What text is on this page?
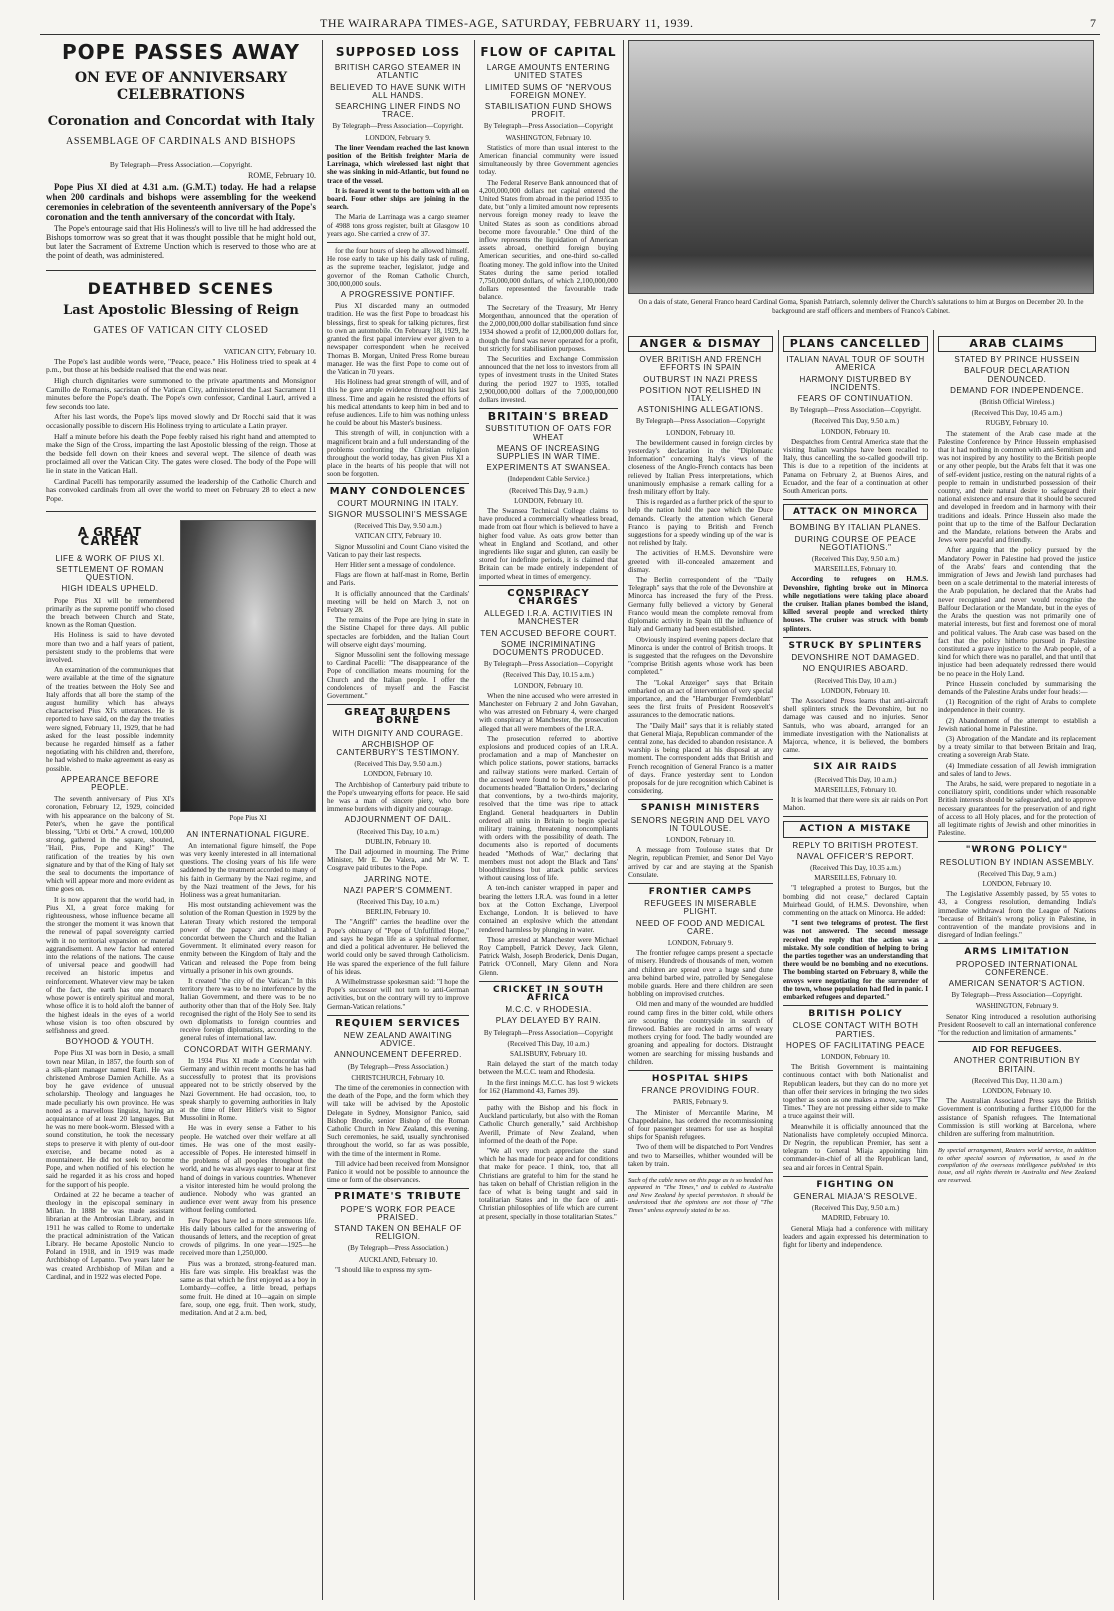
THE WAIRARAPA TIMES-AGE, SATURDAY, FEBRUARY 11, 1939.	7
POPE PASSES AWAY
ON EVE OF ANNIVERSARY CELEBRATIONS
Coronation and Concordat with Italy
ASSEMBLAGE OF CARDINALS AND BISHOPS
By Telegraph—Press Association.—Copyright.
ROME, February 10.

Pope Pius XI died at 4.31 a.m. (G.M.T.) today. He had a relapse when 200 cardinals and bishops were assembling for the weekend ceremonies in celebration of the seventeenth anniversary of the Pope's coronation and the tenth anniversary of the concordat with Italy.

The Pope's entourage said that His Holiness's will to live till he had addressed the Bishops tomorrow was so great that it was thought possible that he might hold out, but later the Sacrament of Extreme Unction which is reserved to those who are at the point of death, was administered.

DEATHBED SCENES
Last Apostolic Blessing of Reign
GATES OF VATICAN CITY CLOSED
VATICAN CITY, February 10.

The Pope's last audible words were, "Peace, peace." His Holiness tried to speak at 4 p.m., but those at his bedside realised that the end was near.

High church dignitaries were summoned to the private apartments and Monsignor Camillo de Romanis, sacristan of the Vatican City, administered the Last Sacrament 11 minutes before the Pope's death. The Pope's own confessor, Cardinal Laurl, arrived a few seconds too late.

After his last words, the Pope's lips moved slowly and Dr Rocchi said that it was occasionally possible to discern His Holiness trying to articulate a Latin prayer.

Half a minute before his death the Pope feebly raised his right hand and attempted to make the Sign of the Cross, imparting the last Apostolic blessing of the reign. Those at the bedside fell down on their knees and several wept. The silence of death was proclaimed all over the Vatican City. The gates were closed. The body of the Pope will lie in state in the Vatican Hall.

Cardinal Pacelli has temporarily assumed the leadership of the Catholic Church and has convoked cardinals from all over the world to meet on February 28 to elect a new Pope.

A GREAT CAREER
LIFE & WORK OF PIUS XI.
SETTLEMENT OF ROMAN QUESTION.
HIGH IDEALS UPHELD.

Pope Pius XI will be remembered primarily as the supreme pontiff who closed the breach between Church and State, known as the Roman Question.

His Holiness is said to have devoted more than two and a half years of patient, persistent study to the problems that were involved.

An examination of the communiques that were available at the time of the signature of the treaties between the Holy See and Italy affords that all bore the stamp of the august humility which has always characterised Pius XI's utterances. He is reported to have said, on the day the treaties were signed, February 11, 1929, that he had asked for the least possible indemnity because he regarded himself as a father negotiating with his children and, therefore, he had wished to make agreement as easy as possible.

APPEARANCE BEFORE PEOPLE.

The seventh anniversary of Pius XI's coronation, February 12, 1929, coincided with his appearance on the balcony of St. Peter's, when he gave the pontifical blessing, "Urbi et Orbi." A crowd, 100,000 strong, gathered in the square, shouted, "Hail, Pius, Pope and King!" The ratification of the treaties by his own signature and by that of the King of Italy set the seal to documents the importance of which will appear more and more evident as time goes on.

It is now apparent that the world had, in Pius XI, a great force making for righteousness, whose influence became all the stronger the moment it was known that the renewal of papal sovereignty carried with it no territorial expansion or material aggrandisement. A new factor had entered into the relations of the nations. The cause of universal peace and goodwill had received an historic impetus and reinforcement. Whatever view may be taken of the fact, the earth has one monarch whose power is entirely spiritual and moral, whose office it is to hold aloft the banner of the highest ideals in the eyes of a world whose vision is too often obscured by selfishness and greed.

BOYHOOD & YOUTH.

Pope Pius XI was born in Desio, a small town near Milan, in 1857, the fourth son of a silk-plant manager named Ratti. He was christened Ambrose Damien Achille. As a boy he gave evidence of unusual scholarship. Theology and languages he made peculiarly his own province. He was noted as a marvellous linguist, having an acquaintance of at least 20 languages. But he was no mere book-worm. Blessed with a sound constitution, he took the necessary steps to preserve it with plenty of out-door exercise, and became noted as a mountaineer. He did not seek to become Pope, and when notified of his election he said he regarded it as his cross and hoped for the support of his people.

Ordained at 22 he became a teacher of theology in the episcopal seminary in Milan. In 1888 he was made assistant librarian at the Ambrosian Library, and in 1911 he was called to Rome to undertake the practical administration of the Vatican Library. He became Apostolic Nuncio to Poland in 1918, and in 1919 was made Archbishop of Lepanto. Two years later he was created Archbishop of Milan and a Cardinal, and in 1922 was elected Pope.

Pope Pius XI
AN INTERNATIONAL FIGURE.

An international figure himself, the Pope was very keenly interested in all international questions. The closing years of his life were saddened by the treatment accorded to many of his faith in Germany by the Nazi regime, and by the Nazi treatment of the Jews, for his Holiness was a great humanitarian.

His most outstanding achievement was the solution of the Roman Question in 1929 by the Lateran Treaty which restored the temporal power of the papacy and established a concordat between the Church and the Italian Government. It eliminated every reason for enmity between the Kingdom of Italy and the Vatican and released the Pope from being virtually a prisoner in his own grounds.

It created "the city of the Vatican." In this territory there was to be no interference by the Italian Government, and there was to be no authority other than that of the Holy See. Italy recognised the right of the Holy See to send its own diplomatists to foreign countries and receive foreign diplomatists, according to the general rules of international law.

CONCORDAT WITH GERMANY.

In 1934 Pius XI made a Concordat with Germany and within recent months he has had successfully to protest that its provisions appeared not to be strictly observed by the Nazi Government. He had occasion, too, to speak sharply to governing authorities in Italy at the time of Herr Hitler's visit to Signor Mussolini in Rome.

He was in every sense a Father to his people. He watched over their welfare at all times. He was one of the most easily-accessible of Popes. He interested himself in the problems of all peoples throughout the world, and he was always eager to hear at first hand of doings in various countries. Whenever a visitor interested him he would prolong the audience. Nobody who was granted an audience ever went away from his presence without feeling comforted.

Few Popes have led a more strenuous life. His daily labours called for the answering of thousands of letters, and the reception of great crowds of pilgrims. In one year—1925—he received more than 1,250,000.

Pius was a bronzed, strong-featured man. His fare was simple. His breakfast was the same as that which he first enjoyed as a boy in Lombardy—coffee, a little bread, perhaps some fruit. He dined at 10—again on simple fare, soup, one egg, fruit. Then work, study, meditation. And at 2 a.m. bed,

SUPPOSED LOSS
BRITISH CARGO STEAMER IN ATLANTIC
BELIEVED TO HAVE SUNK WITH ALL HANDS.
SEARCHING LINER FINDS NO TRACE.
By Telegraph—Press Association—Copyright.
LONDON, February 9.

The liner Veendam reached the last known position of the British freighter Maria de Larrinaga, which wirelessed last night that she was sinking in mid-Atlantic, but found no trace of the vessel.

It is feared it went to the bottom with all on board. Four other ships are joining in the search.

The Maria de Larrinaga was a cargo steamer of 4988 tons gross register, built at Glasgow 10 years ago. She carried a crew of 37.

for the four hours of sleep he allowed himself. He rose early to take up his daily task of ruling, as the supreme teacher, legislator, judge and governor of the Roman Catholic Church, 300,000,000 souls.

A PROGRESSIVE PONTIFF.

Pius XI discarded many an outmoded tradition. He was the first Pope to broadcast his blessings, first to speak for talking pictures, first to own an automobile. On February 18, 1929, he granted the first papal interview ever given to a newspaper correspondent when he received Thomas B. Morgan, United Press Rome bureau manager. He was the first Pope to come out of the Vatican in 70 years.

His Holiness had great strength of will, and of this he gave ample evidence throughout his last illness. Time and again he resisted the efforts of his medical attendants to keep him in bed and to refuse audiences. Life to him was nothing unless he could be about his Master's business.

This strength of will, in conjunction with a magnificent brain and a full understanding of the problems confronting the Christian religion throughout the world today, has given Pius XI a place in the hearts of his people that will not soon be forgotten.

MANY CONDOLENCES
COURT MOURNING IN ITALY.
SIGNOR MUSSOLINI'S MESSAGE
(Received This Day, 9.50 a.m.)
VATICAN CITY, February 10.

Signor Mussolini and Count Ciano visited the Vatican to pay their last respects.

Herr Hitler sent a message of condolence.

Flags are flown at half-mast in Rome, Berlin and Paris.

It is officially announced that the Cardinals' meeting will be held on March 3, not on February 28.

The remains of the Pope are lying in state in the Sistine Chapel for three days. All public spectacles are forbidden, and the Italian Court will observe eight days' mourning.

Signor Mussolini sent the following message to Cardinal Pacelli: "The disappearance of the Pope of conciliation means mourning for the Church and the Italian people. I offer the condolences of myself and the Fascist Government."

GREAT BURDENS BORNE
WITH DIGNITY AND COURAGE.
ARCHBISHOP OF CANTERBURY'S TESTIMONY.
(Received This Day, 9.50 a.m.)
LONDON, February 10.

The Archbishop of Canterbury paid tribute to the Pope's unwearying efforts for peace. He said he was a man of sincere piety, who bore immense burdens with dignity and courage.

ADJOURNMENT OF DAIL.
(Received This Day, 10 a.m.)
DUBLIN, February 10.

The Dail adjourned in mourning. The Prime Minister, Mr E. De Valera, and Mr W. T. Cosgrave paid tributes to the Pope.

JARRING NOTE.
NAZI PAPER'S COMMENT.
(Received This Day, 10 a.m.)
BERLIN, February 10.

The "Angriff" carries the headline over the Pope's obituary of "Pope of Unfulfilled Hope," and says he began life as a spiritual reformer, and died a political adventurer. He believed the world could only be saved through Catholicism. He was spared the experience of the full failure of his ideas.

A Wilhelmstrasse spokesman said: "I hope the Pope's successor will not turn to anti-German activities, but on the contrary will try to improve German-Vatican relations."

REQUIEM SERVICES
NEW ZEALAND AWAITING ADVICE.
ANNOUNCEMENT DEFERRED.
(By Telegraph—Press Association.)
CHRISTCHURCH, February 10.

The time of the ceremonies in connection with the death of the Pope, and the form which they will take will be advised by the Apostolic Delegate in Sydney, Monsignor Panico, said Bishop Brodie, senior Bishop of the Roman Catholic Church in New Zealand, this evening. Such ceremonies, he said, usually synchronised throughout the world, so far as was possible, with the time of the interment in Rome.

Till advice had been received from Monsignor Panico it would not be possible to announce the time or form of the observances.

PRIMATE'S TRIBUTE
POPE'S WORK FOR PEACE PRAISED.
STAND TAKEN ON BEHALF OF RELIGION.
(By Telegraph—Press Association.)
AUCKLAND, February 10.

"I should like to express my sym-

FLOW OF CAPITAL
LARGE AMOUNTS ENTERING UNITED STATES
LIMITED SUMS OF "NERVOUS FOREIGN MONEY.
STABILISATION FUND SHOWS PROFIT.
By Telegraph—Press Association—Copyright
WASHINGTON, February 10.

Statistics of more than usual interest to the American financial community were issued simultaneously by three Government agencies today.

The Federal Reserve Bank announced that of 4,200,000,000 dollars net capital entered the United States from abroad in the period 1935 to date, but "only a limited amount now represents nervous foreign money ready to leave the United States as soon as conditions abroad become more favourable." One third of the inflow represents the liquidation of American assets abroad, onethird foreign buying American securities, and one-third so-called floating money. The gold inflow into the United States during the same period totalled 7,750,000,000 dollars, of which 2,100,000,000 dollars represented the favourable trade balance.

The Secretary of the Treasury, Mr Henry Morgenthau, announced that the operation of the 2,000,000,000 dollar stabilisation fund since 1934 showed a profit of 12,000,000 dollars for, though the fund was never operated for a profit, but strictly for stabilisation purposes.

The Securities and Exchange Commission announced that the net loss to investors from all types of investment trusts in the United States during the period 1927 to 1935, totalled 2,900,000,000 dollars of the 7,000,000,000 dollars invested.

BRITAIN'S BREAD
SUBSTITUTION OF OATS FOR WHEAT
MEANS OF INCREASING SUPPLIES IN WAR TIME.
EXPERIMENTS AT SWANSEA.
(Independent Cable Service.)
(Received This Day, 9 a.m.)
LONDON, February 10.

The Swansea Technical College claims to have produced a commercially wheatless bread, made from oat flour which is believed to have a higher food value. As oats grow better than wheat in England and Scotland, and other ingredients like sugar and gluten, can easily be stored for indefinite periods, it is claimed that Britain can be made entirely independent of imported wheat in times of emergency.

CONSPIRACY CHARGES
ALLEGED I.R.A. ACTIVITIES IN MANCHESTER
TEN ACCUSED BEFORE COURT.
SOME INCRIMINATING DOCUMENTS PRODUCED.
By Telegraph—Press Association—Copyright
(Received This Day, 10.15 a.m.)
LONDON, February 10.

When the nine accused who were arrested in Manchester on February 2 and John Gavahan, who was arrested on February 4, were charged with conspiracy at Manchester, the prosecution alleged that all were members of the I.R.A.

The prosecution referred to abortive explosions and produced copies of an I.R.A. proclamation and a map of Manchester on which police stations, power stations, barracks and railway stations were marked. Certain of the accused were found to be in possession of documents headed "Battalion Orders," declaring that conventions, by a two-thirds majority, resolved that the time was ripe to attack England. General headquarters in Dublin ordered all units in Britain to begin special military training, threatening noncompliants with orders with the possibility of death. The documents also is reported of documents headed "Methods of War," declaring that members must not adopt the Black and Tans' bloodthirstiness but attack public services without causing loss of life.

A ten-inch canister wrapped in paper and bearing the letters I.R.A. was found in a letter box at the Cotton Exchange, Liverpool Exchange, London. It is believed to have contained an explosive which the attendant rendered harmless by plunging in water.

Those arrested at Manchester were Michael Roy Campbell, Patrick Devey, Jack Glenn, Patrick Walsh, Joseph Broderick, Denis Dugan, Patrick O'Connell, Mary Glenn and Nora Glenn.

CRICKET IN SOUTH AFRICA
M.C.C. v RHODESIA.
PLAY DELAYED BY RAIN.
By Telegraph—Press Association—Copyright
(Received This Day, 10 a.m.)
SALISBURY, February 10.

Rain delayed the start of the match today between the M.C.C. team and Rhodesia.

In the first innings M.C.C. has lost 9 wickets for 162 (Hammond 43, Farnes 39).

pathy with the Bishop and his flock in Auckland particularly, but also with the Roman Catholic Church generally," said Archbishop Averill, Primate of New Zealand, when informed of the death of the Pope.

"We all very much appreciate the stand which he has made for peace and for conditions that make for peace. I think, too, that all Christians are grateful to him for the stand he has taken on behalf of Christian religion in the face of what is being taught and said in totalitarian States and in the face of anti-Christian philosophies of life which are current at present, specially in those totalitarian States."

On a dais of state, General Franco heard Cardinal Goma, Spanish Patriarch, solemnly deliver the Church's salutations to him at Burgos on December 20. In the background are staff officers and members of Franco's Cabinet.
ANGER & DISMAY
OVER BRITISH AND FRENCH EFFORTS IN SPAIN
OUTBURST IN NAZI PRESS
POSITION NOT RELISHED IN ITALY.
ASTONISHING ALLEGATIONS.
By Telegraph—Press Association—Copyright
LONDON, February 10.

The bewilderment caused in foreign circles by yesterday's declaration in the "Diplomatic Information" concerning Italy's views of the closeness of the Anglo-French contacts has been relieved by Italian Press interpretations, which unanimously emphasise a remark calling for a fresh military effort by Italy.

This is regarded as a further prick of the spur to help the nation hold the pace which the Duce demands. Clearly the attention which General Franco is paying to British and French suggestions for a speedy winding up of the war is not relished by Italy.

The activities of H.M.S. Devonshire were greeted with ill-concealed amazement and dismay.

The Berlin correspondent of the "Daily Telegraph" says that the role of the Devonshire at Minorca has increased the fury of the Press. Germany fully believed a victory by General Franco would mean the complete removal from diplomatic activity in Spain till the influence of Italy and Germany had been established.

Obviously inspired evening papers declare that Minorca is under the control of British troops. It is suggested that the refugees on the Devonshire "comprise British agents whose work has been completed."

The "Lokal Anzeiger" says that Britain embarked on an act of intervention of very special importance, and the "Hamburger Fremdenblatt" sees the first fruits of President Roosevelt's assurances to the democratic nations.

The "Daily Mail" says that it is reliably stated that General Miaja, Republican commander of the central zone, has decided to abandon resistance. A warship is being placed at his disposal at any moment. The correspondent adds that British and French recognition of General Franco is a matter of days. France yesterday sent to London proposals for de jure recognition which Cabinet is considering.

SPANISH MINISTERS
SENORS NEGRIN AND DEL VAYO IN TOULOUSE.
LONDON, February 10.

A message from Toulouse states that Dr Negrin, republican Premier, and Senor Del Vayo arrived by car and are staying at the Spanish Consulate.

FRONTIER CAMPS
REFUGEES IN MISERABLE PLIGHT.
NEED OF FOOD AND MEDICAL CARE.
LONDON, February 9.

The frontier refugee camps present a spectacle of misery. Hundreds of thousands of men, women and children are spread over a huge sand dune area behind barbed wire, patrolled by Senegalese mobile guards. Here and there children are seen hobbling on improvised crutches.

Old men and many of the wounded are huddled round camp fires in the bitter cold, while others are scouring the countryside in search of firewood. Babies are rocked in arms of weary mothers crying for food. The badly wounded are groaning and appealing for doctors. Distraught women are searching for missing husbands and children.

HOSPITAL SHIPS
FRANCE PROVIDING FOUR.
PARIS, February 9.

The Minister of Mercantile Marine, M Chappedelaine, has ordered the recommissioning of four passenger steamers for use as hospital ships for Spanish refugees.

Two of them will be dispatched to Port Vendres and two to Marseilles, whither wounded will be taken by train.

Such of the cable news on this page as is so headed has appeared in "The Times," and is cabled to Australia and New Zealand by special permission. It should be understood that the opinions are not those of "The Times" unless expressly stated to be so.
PLANS CANCELLED
ITALIAN NAVAL TOUR OF SOUTH AMERICA
HARMONY DISTURBED BY INCIDENTS.
FEARS OF CONTINUATION.
By Telegraph—Press Association—Copyright.
(Received This Day, 9.50 a.m.)
LONDON, February 10.

Despatches from Central America state that the visiting Italian warships have been recalled to Italy, thus cancelling the so-called goodwill trip. This is due to a repetition of the incidents at Panama on February 2, at Buenos Aires, and Ecuador, and the fear of a continuation at other South American ports.

ATTACK ON MINORCA
BOMBING BY ITALIAN PLANES.
DURING COURSE OF PEACE NEGOTIATIONS."
(Received This Day, 9.50 a.m.)
MARSEILLES, February 10.

According to refugees on H.M.S. Devonshire, fighting broke out in Minorca while negotiations were taking place aboard the cruiser. Italian planes bombed the island, killed several people and wrecked thirty houses. The cruiser was struck with bomb splinters.

STRUCK BY SPLINTERS
DEVONSHIRE NOT DAMAGED.
NO ENQUIRIES ABOARD.
(Received This Day, 10 a.m.)
LONDON, February 10.

The Associated Press learns that anti-aircraft shell splinters struck the Devonshire, but no damage was caused and no injuries. Senor Santuls, who was aboard, arranged for an immediate investigation with the Nationalists at Majorca, whence, it is believed, the bombers came.

SIX AIR RAIDS
(Received This Day, 10 a.m.)
MARSEILLES, February 10.

It is learned that there were six air raids on Port Mahon.

ACTION A MISTAKE
REPLY TO BRITISH PROTEST.
NAVAL OFFICER'S REPORT.
(Received This Day, 10.35 a.m.)
MARSEILLES, February 10.

"I telegraphed a protest to Burgos, but the bombing did not cease," declared Captain Muirhead Gould, of H.M.S. Devonshire, when commenting on the attack on Minorca. He added:

"I sent two telegrams of protest. The first was not answered. The second message received the reply that the action was a mistake. My sole condition of helping to bring the parties together was an understanding that there would be no bombing and no executions. The bombing started on February 8, while the envoys were negotiating for the surrender of the town, whose population had fled in panic. I embarked refugees and departed."

BRITISH POLICY
CLOSE CONTACT WITH BOTH PARTIES.
HOPES OF FACILITATING PEACE
LONDON, February 10.

The British Government is maintaining continuous contact with both Nationalist and Republican leaders, but they can do no more yet than offer their services in bringing the two sides together as soon as one makes a move, says "The Times." They are not pressing either side to make a truce against their will.

Meanwhile it is officially announced that the Nationalists have completely occupied Minorca. Dr Negrin, the republican Premier, has sent a telegram to General Miaja appointing him commander-in-chief of all the Republican land, sea and air forces in Central Spain.

FIGHTING ON
GENERAL MIAJA'S RESOLVE.
(Received This Day, 9.50 a.m.)
MADRID, February 10.

General Miaja had a conference with military leaders and again expressed his determination to fight for liberty and independence.

ARAB CLAIMS
STATED BY PRINCE HUSSEIN
BALFOUR DECLARATION DENOUNCED.
DEMAND FOR INDEPENDENCE.
(British Official Wireless.)
(Received This Day, 10.45 a.m.)
RUGBY, February 10.

The statement of the Arab case made at the Palestine Conference by Prince Hussein emphasised that it had nothing in common with anti-Semitism and was not inspired by any hostility to the British people or any other people, but the Arabs felt that it was one of self-evident justice, resting on the natural rights of a people to remain in undisturbed possession of their country, and their natural desire to safeguard their national existence and ensure that it should be secured and developed in freedom and in harmony with their traditions and ideals. Prince Hussein also made the point that up to the time of the Balfour Declaration and the Mandate, relations between the Arabs and Jews were peaceful and friendly.

After arguing that the policy pursued by the Mandatory Power in Palestine had proved the justice of the Arabs' fears and contending that the immigration of Jews and Jewish land purchases had been on a scale detrimental to the material interests of the Arab population, he declared that the Arabs had never recognised and never would recognise the Balfour Declaration or the Mandate, but in the eyes of the Arabs the question was not primarily one of material interests, but first and foremost one of moral and political values. The Arab case was based on the fact that the policy hitherto pursued in Palestine constituted a grave injustice to the Arab people, of a kind for which there was no parallel, and that until that injustice had been adequately redressed there would be no peace in the Holy Land.

Prince Hussein concluded by summarising the demands of the Palestine Arabs under four heads:—

(1) Recognition of the right of Arabs to complete independence in their country.

(2) Abandonment of the attempt to establish a Jewish national home in Palestine.

(3) Abrogation of the Mandate and its replacement by a treaty similar to that between Britain and Iraq, creating a sovereign Arab State.

(4) Immediate cessation of all Jewish immigration and sales of land to Jews.

The Arabs, he said, were prepared to negotiate in a conciliatory spirit, conditions under which reasonable British interests should be safeguarded, and to approve necessary guarantees for the preservation of and right of access to all Holy places, and for the protection of all legitimate rights of Jewish and other minorities in Palestine.

"WRONG POLICY"
RESOLUTION BY INDIAN ASSEMBLY.
(Received This Day, 9 a.m.)
LONDON, February 10.

The Legislative Assembly passed, by 55 votes to 43, a Congress resolution, demanding India's immediate withdrawal from the League of Nations "because of Britain's wrong policy in Palestine, in contravention of the mandate provisions and in disregard of Indian feelings."

ARMS LIMITATION
PROPOSED INTERNATIONAL CONFERENCE.
AMERICAN SENATOR'S ACTION.
By Telegraph—Press Association—Copyright.
WASHINGTON, February 9.

Senator King introduced a resolution authorising President Roosevelt to call an international conference "for the reduction and limitation of armaments."

AID FOR REFUGEES.
ANOTHER CONTRIBUTION BY BRITAIN.
(Received This Day, 11.30 a.m.)
LONDON, February 10.

The Australian Associated Press says the British Government is contributing a further £10,000 for the assistance of Spanish refugees. The International Commission is still working at Barcelona, where children are suffering from malnutrition.

By special arrangement, Reuters world service, in addition to other special sources of information, is used in the compilation of the overseas intelligence published in this issue, and all rights therein in Australia and New Zealand are reserved.
